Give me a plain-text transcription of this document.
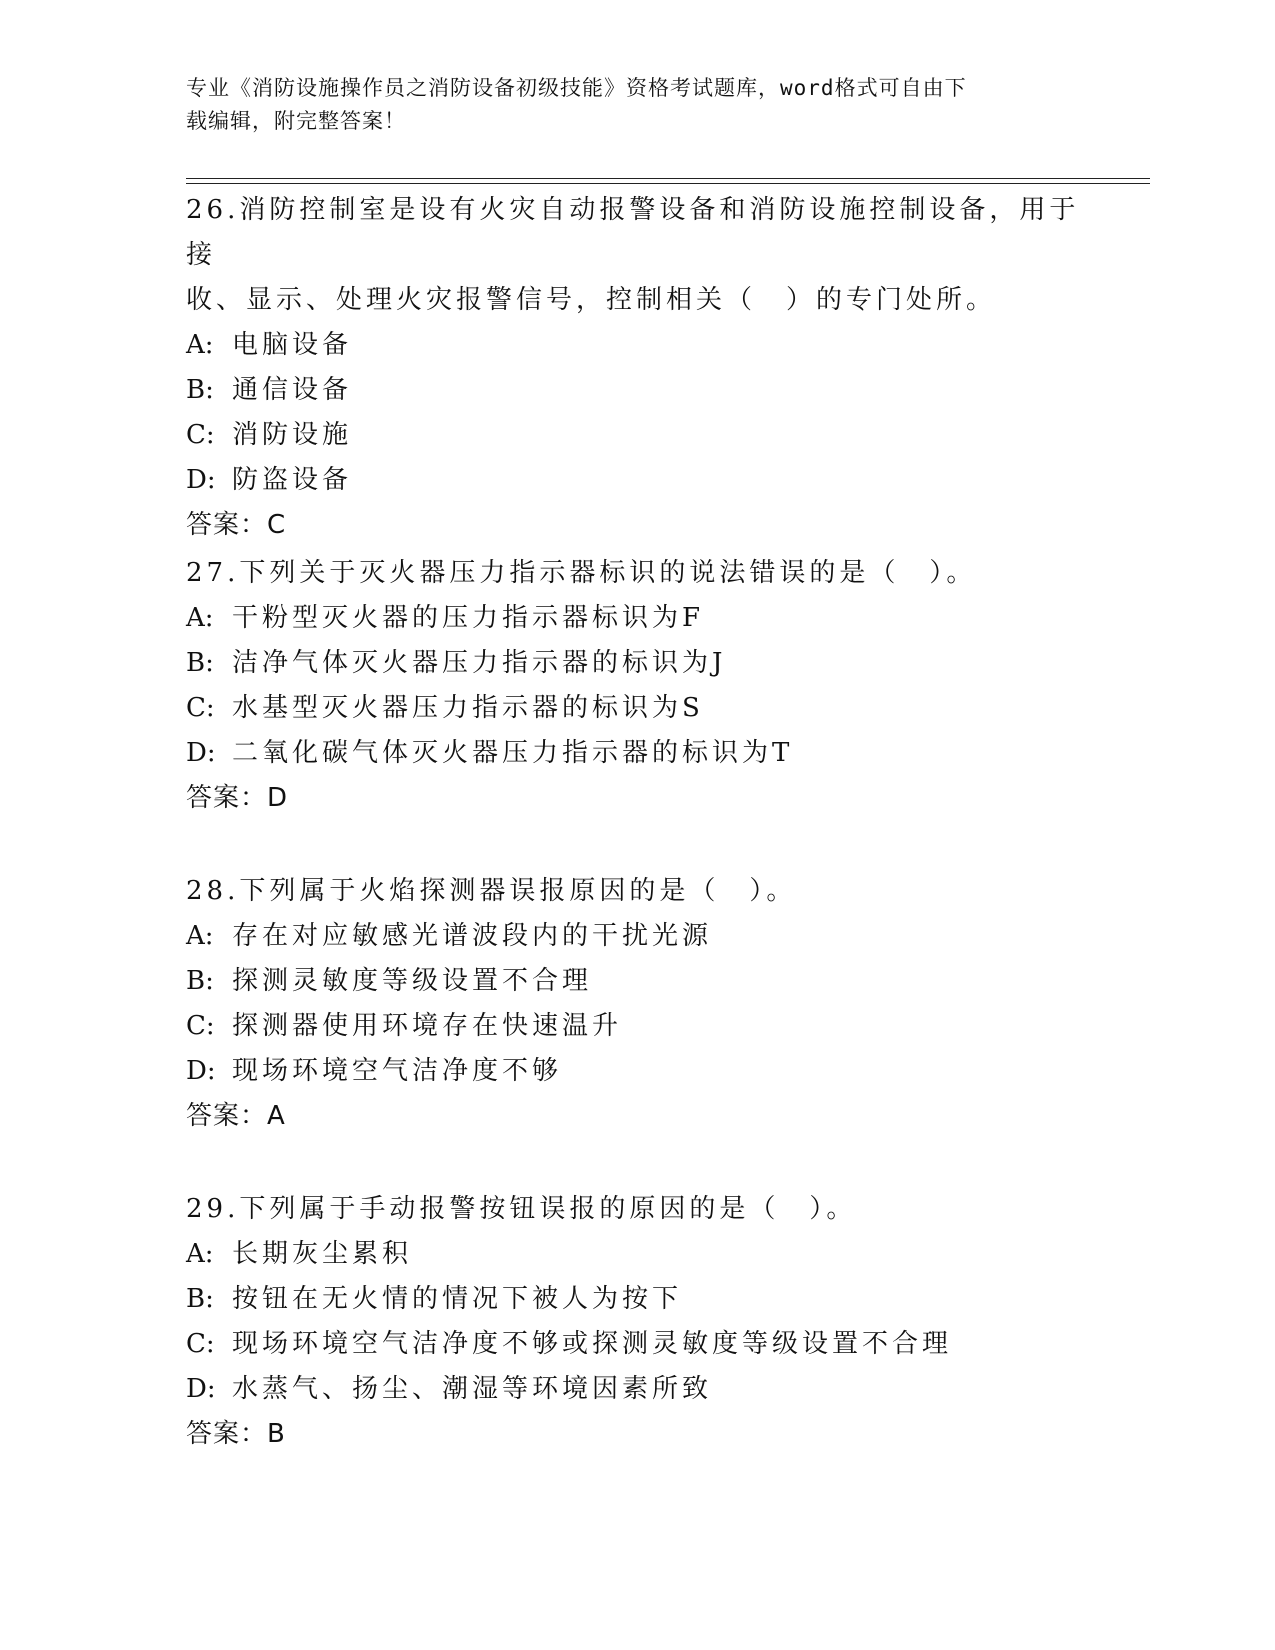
专业《消防设施操作员之消防设备初级技能》资格考试题库，word格式可自由下
载编辑，附完整答案！

26.消防控制室是设有火灾自动报警设备和消防设施控制设备，用于接

收、显示、处理火灾报警信号，控制相关（　）的专门处所。

A: 电脑设备

B: 通信设备

C: 消防设施

D: 防盗设备

答案：C

27.下列关于灭火器压力指示器标识的说法错误的是（　）。

A: 干粉型灭火器的压力指示器标识为F

B: 洁净气体灭火器压力指示器的标识为J

C: 水基型灭火器压力指示器的标识为S

D: 二氧化碳气体灭火器压力指示器的标识为T

答案：D

28.下列属于火焰探测器误报原因的是（　）。

A: 存在对应敏感光谱波段内的干扰光源

B: 探测灵敏度等级设置不合理

C: 探测器使用环境存在快速温升

D: 现场环境空气洁净度不够

答案：A

29.下列属于手动报警按钮误报的原因的是（　）。

A: 长期灰尘累积

B: 按钮在无火情的情况下被人为按下

C: 现场环境空气洁净度不够或探测灵敏度等级设置不合理

D: 水蒸气、扬尘、潮湿等环境因素所致

答案：B
